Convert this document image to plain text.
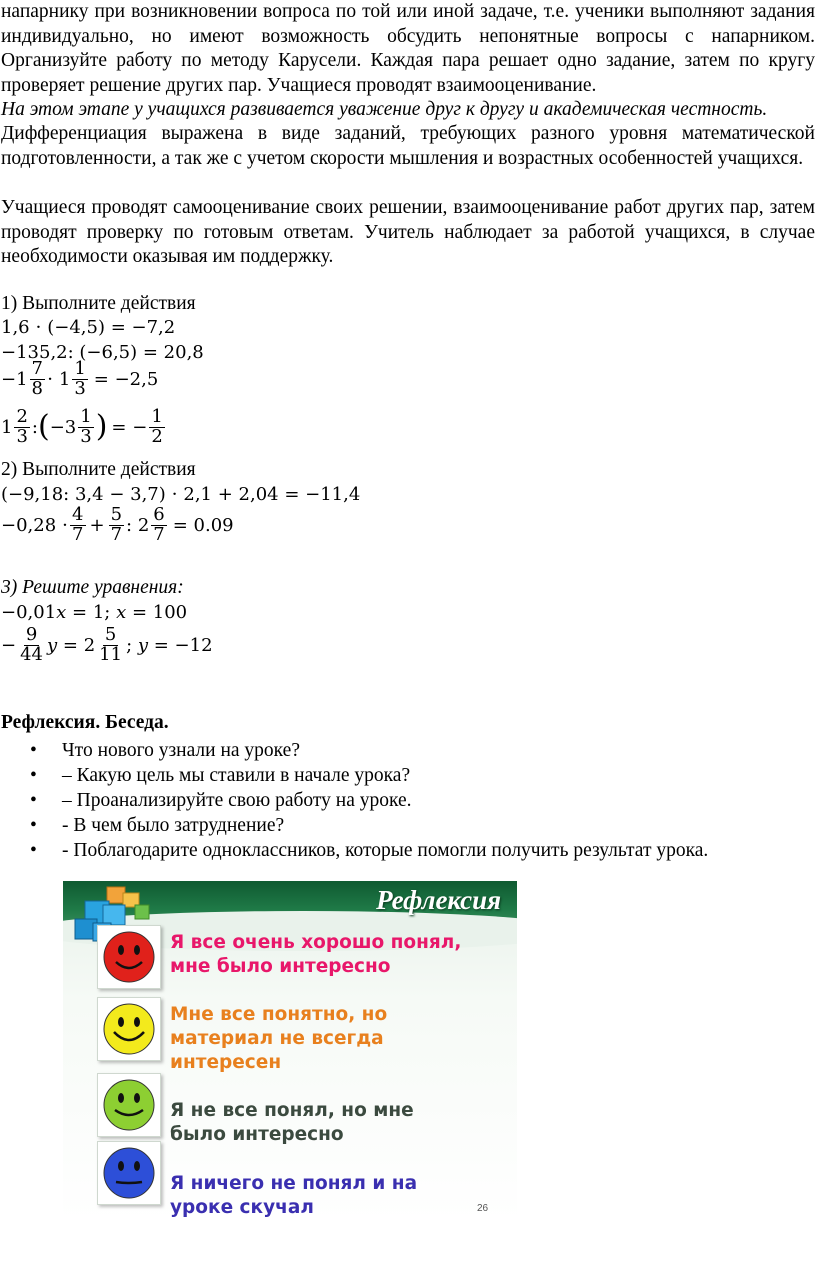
напарнику при возникновении вопроса по той или иной задаче, т.е. ученики выполняют задания индивидуально, но имеют возможность обсудить непонятные вопросы с напарником. Организуйте работу по методу Карусели. Каждая пара решает одно задание, затем по кругу проверяет решение других пар. Учащиеся проводят взаимооценивание.
На этом этапе у учащихся развивается уважение друг к другу и академическая честность.
Дифференциация выражена в виде заданий, требующих разного уровня математической подготовленности, а так же с учетом скорости мышления и возрастных особенностей учащихся.
Учащиеся проводят самооценивание своих решении, взаимооценивание работ других пар, затем проводят проверку по готовым ответам. Учитель наблюдает за работой учащихся, в случае необходимости оказывая им поддержку.
1) Выполните действия
1,6 ⋅ (−4,5) = −7,2
−135,2: (−6,5) = 20,8
$-1 \frac{7}{8} \cdot 1 \frac{1}{3} = -2,5$
$1 \frac{2}{3}$ : ( $-3 \frac{1}{3}$ ) = − $\frac{1}{2}$
2) Выполните действия
(−9,18: 3,4 − 3,7) ⋅ 2,1 + 2,04 = −11,4
$-0,28 \cdot \frac{4}{7} + \frac{5}{7}$ : $2 \frac{6}{7} = 0.09$
3) Решите уравнения:
−0,01𝑥 = 1; 𝑥 = 100
− $\frac{9}{44}$ 𝑦 = $2 \frac{5}{11}$ ; 𝑦 = −12
Рефлексия. Беседа.
• Что нового узнали на уроке?
• – Какую цель мы ставили в начале урока?
• – Проанализируйте свою работу на уроке.
• - В чем было затруднение?
• - Поблагодарите одноклассников, которые помогли получить результат урока.
Рефлексия
Я все очень хорошо понял,
мне было интересно
Мне все понятно, но
материал не всегда
интересен
Я не все понял, но мне
было интересно
Я ничего не понял и на
уроке скучал	26
